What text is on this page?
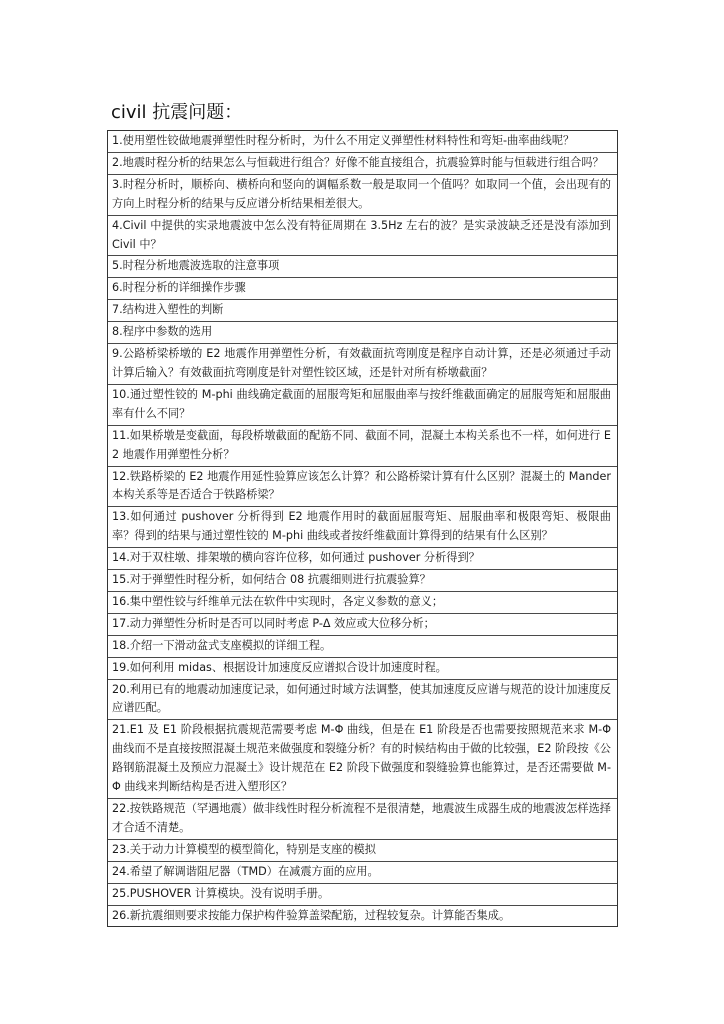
civil 抗震问题：
1.使用塑性铰做地震弹塑性时程分析时，为什么不用定义弹塑性材料特性和弯矩-曲率曲线呢？
2.地震时程分析的结果怎么与恒载进行组合？好像不能直接组合，抗震验算时能与恒载进行组合吗？
3.时程分析时，顺桥向、横桥向和竖向的调幅系数一般是取同一个值吗？如取同一个值，会出现有的方向上时程分析的结果与反应谱分析结果相差很大。
4.Civil 中提供的实录地震波中怎么没有特征周期在 3.5Hz 左右的波？是实录波缺乏还是没有添加到 Civil 中？
5.时程分析地震波选取的注意事项
6.时程分析的详细操作步骤
7.结构进入塑性的判断
8.程序中参数的选用
9.公路桥梁桥墩的 E2 地震作用弹塑性分析，有效截面抗弯刚度是程序自动计算，还是必须通过手动计算后输入？有效截面抗弯刚度是针对塑性铰区域，还是针对所有桥墩截面？
10.通过塑性铰的 M-phi 曲线确定截面的屈服弯矩和屈服曲率与按纤维截面确定的屈服弯矩和屈服曲率有什么不同？
11.如果桥墩是变截面，每段桥墩截面的配筋不同、截面不同，混凝土本构关系也不一样，如何进行 E2 地震作用弹塑性分析？
12.铁路桥梁的 E2 地震作用延性验算应该怎么计算？和公路桥梁计算有什么区别？混凝土的 Mander 本构关系等是否适合于铁路桥梁？
13.如何通过 pushover 分析得到 E2 地震作用时的截面屈服弯矩、屈服曲率和极限弯矩、极限曲率？得到的结果与通过塑性铰的 M-phi 曲线或者按纤维截面计算得到的结果有什么区别？
14.对于双柱墩、排架墩的横向容许位移，如何通过 pushover 分析得到？
15.对于弹塑性时程分析，如何结合 08 抗震细则进行抗震验算？
16.集中塑性铰与纤维单元法在软件中实现时，各定义参数的意义；
17.动力弹塑性分析时是否可以同时考虑 P-Δ 效应或大位移分析；
18.介绍一下滑动盆式支座模拟的详细工程。
19.如何利用 midas、根据设计加速度反应谱拟合设计加速度时程。
20.利用已有的地震动加速度记录，如何通过时域方法调整，使其加速度反应谱与规范的设计加速度反应谱匹配。
21.E1 及 E1 阶段根据抗震规范需要考虑 M-Φ 曲线，但是在 E1 阶段是否也需要按照规范来求 M-Φ 曲线而不是直接按照混凝土规范来做强度和裂缝分析？有的时候结构由于做的比较强，E2 阶段按《公路钢筋混凝土及预应力混凝土》设计规范在 E2 阶段下做强度和裂缝验算也能算过，是否还需要做 M-Φ 曲线来判断结构是否进入塑形区？
22.按铁路规范（罕遇地震）做非线性时程分析流程不是很清楚，地震波生成器生成的地震波怎样选择才合适不清楚。
23.关于动力计算模型的模型简化，特别是支座的模拟
24.希望了解调谐阻尼器（TMD）在减震方面的应用。
25.PUSHOVER 计算模块。没有说明手册。
26.新抗震细则要求按能力保护构件验算盖梁配筋，过程较复杂。计算能否集成。
